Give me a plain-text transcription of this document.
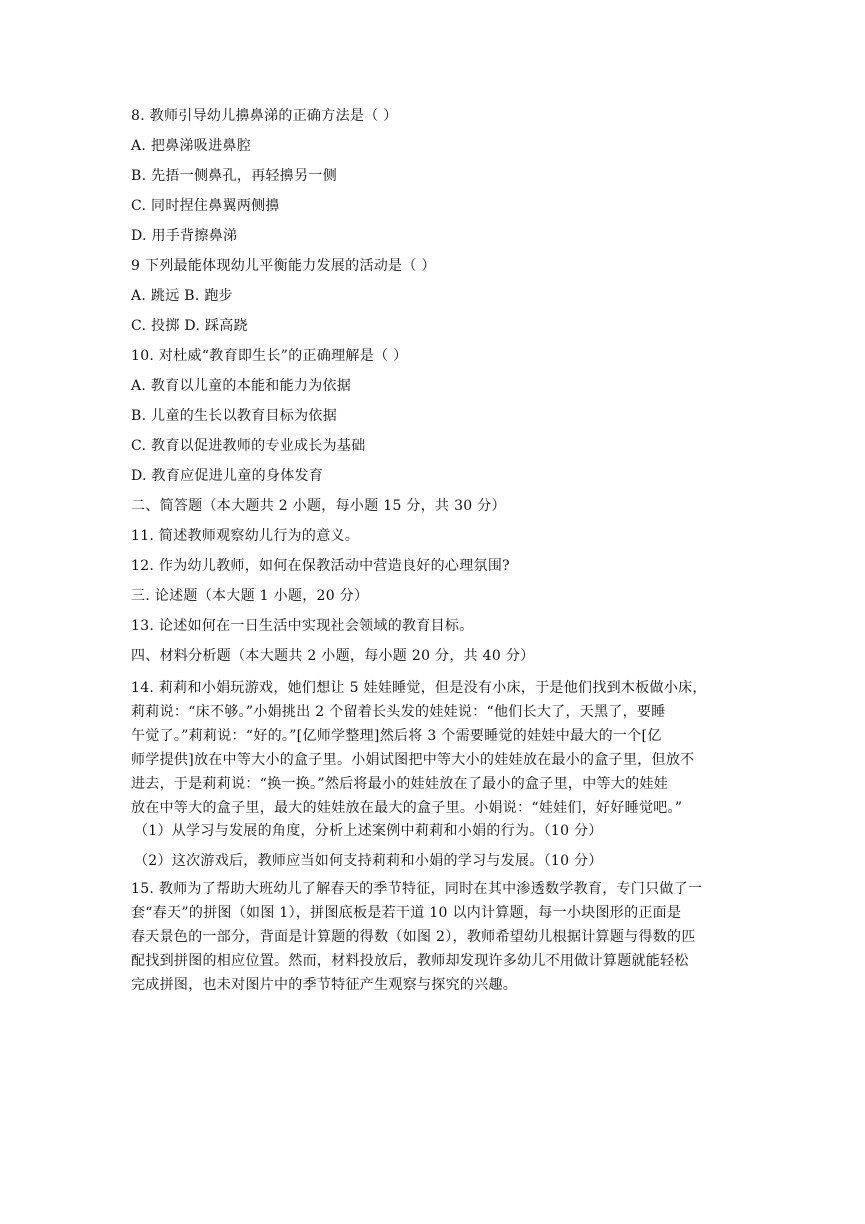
8. 教师引导幼儿擤鼻涕的正确方法是（ ）
A. 把鼻涕吸进鼻腔
B. 先捂一侧鼻孔，再轻擤另一侧
C. 同时捏住鼻翼两侧擤
D. 用手背擦鼻涕
9 下列最能体现幼儿平衡能力发展的活动是（ ）
A. 跳远 B. 跑步
C. 投掷 D. 踩高跷
10. 对杜威“教育即生长”的正确理解是（ ）
A. 教育以儿童的本能和能力为依据
B. 儿童的生长以教育目标为依据
C. 教育以促进教师的专业成长为基础
D. 教育应促进儿童的身体发育
二、简答题（本大题共 2 小题，每小题 15 分，共 30 分）
11. 简述教师观察幼儿行为的意义。
12. 作为幼儿教师，如何在保教活动中营造良好的心理氛围?
三. 论述题（本大题 1 小题，20 分）
13. 论述如何在一日生活中实现社会领域的教育目标。
四、材料分析题（本大题共 2 小题，每小题 20 分，共 40 分）
14. 莉莉和小娟玩游戏，她们想让 5 娃娃睡觉，但是没有小床，于是他们找到木板做小床，
莉莉说：“床不够。”小娟挑出 2 个留着长头发的娃娃说：“他们长大了，天黑了，要睡
午觉了。”莉莉说：“好的。”[亿师学整理]然后将 3 个需要睡觉的娃娃中最大的一个[亿
师学提供]放在中等大小的盒子里。小娟试图把中等大小的娃娃放在最小的盒子里，但放不
进去，于是莉莉说：“换一换。”然后将最小的娃娃放在了最小的盒子里，中等大的娃娃
放在中等大的盒子里，最大的娃娃放在最大的盒子里。小娟说：“娃娃们，好好睡觉吧。”
（1）从学习与发展的角度，分析上述案例中莉莉和小娟的行为。（10 分）
（2）这次游戏后，教师应当如何支持莉莉和小娟的学习与发展。（10 分）
15. 教师为了帮助大班幼儿了解春天的季节特征，同时在其中渗透数学教育，专门只做了一
套“春天”的拼图（如图 1），拼图底板是若干道 10 以内计算题，每一小块图形的正面是
春天景色的一部分，背面是计算题的得数（如图 2），教师希望幼儿根据计算题与得数的匹
配找到拼图的相应位置。然而，材料投放后，教师却发现许多幼儿不用做计算题就能轻松
完成拼图，也未对图片中的季节特征产生观察与探究的兴趣。
